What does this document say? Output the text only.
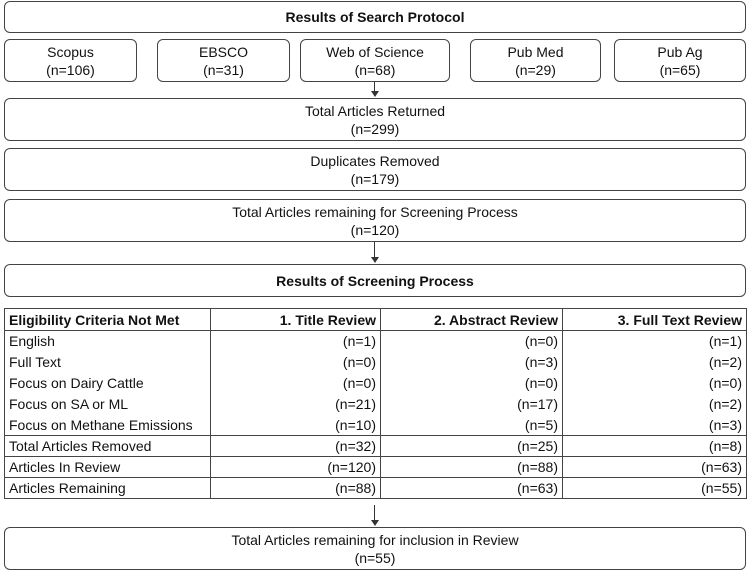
Results of Search Protocol
Scopus
(n=106)
EBSCO
(n=31)
Web of Science
(n=68)
Pub Med
(n=29)
Pub Ag
(n=65)
Total Articles Returned
(n=299)
Duplicates Removed
(n=179)
Total Articles remaining for Screening Process
(n=120)
Results of Screening Process
Eligibility Criteria Not Met	1. Title Review	2. Abstract Review	3. Full Text Review
English	(n=1)	(n=0)	(n=1)
Full Text	(n=0)	(n=3)	(n=2)
Focus on Dairy Cattle	(n=0)	(n=0)	(n=0)
Focus on SA or ML	(n=21)	(n=17)	(n=2)
Focus on Methane Emissions	(n=10)	(n=5)	(n=3)
Total Articles Removed	(n=32)	(n=25)	(n=8)
Articles In Review	(n=120)	(n=88)	(n=63)
Articles Remaining	(n=88)	(n=63)	(n=55)
Total Articles remaining for inclusion in Review
(n=55)
